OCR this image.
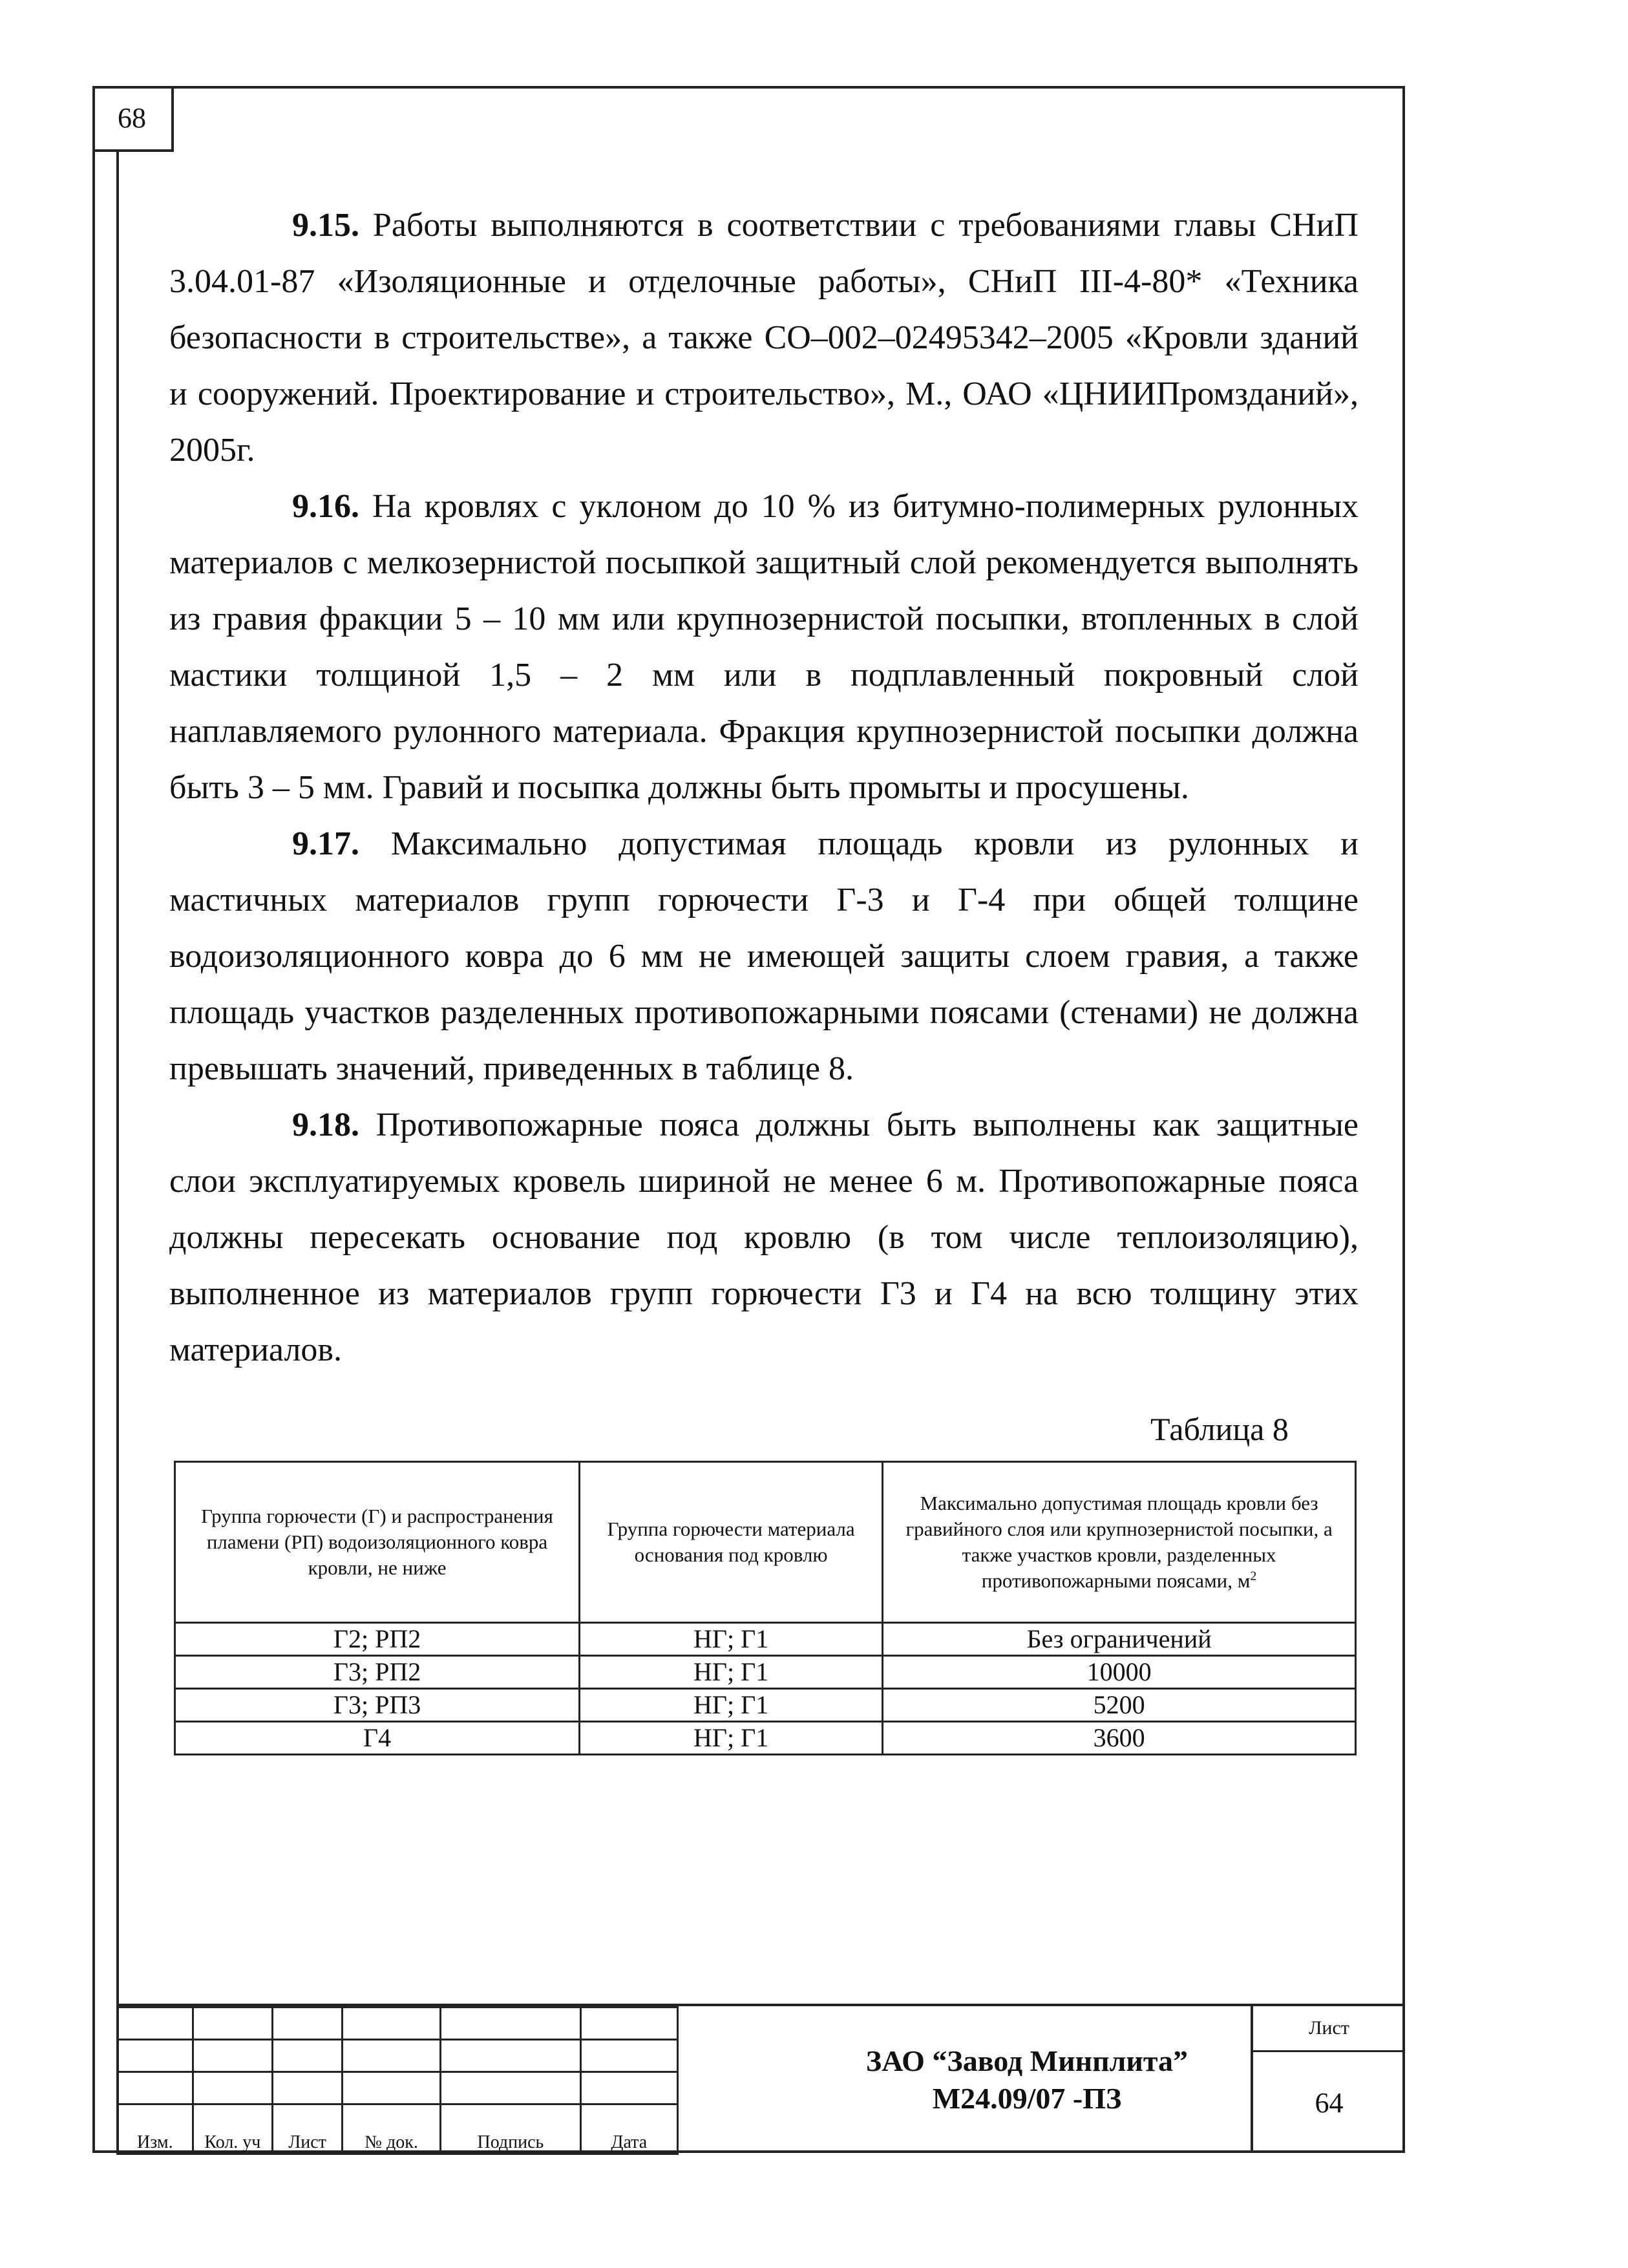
68

9.15. Работы выполняются в соответствии с требованиями главы СНиП 3.04.01-87 «Изоляционные и отделочные работы», СНиП III-4-80* «Техника безопасности в строительстве», а также СО–002–02495342–2005 «Кровли зданий и сооружений. Проектирование и строительство», М., ОАО «ЦНИИПромзданий», 2005г.

9.16. На кровлях с уклоном до 10 % из битумно-полимерных рулонных материалов с мелкозернистой посыпкой защитный слой рекомендуется выполнять из гравия фракции 5 – 10 мм или крупнозернистой посыпки, втопленных в слой мастики толщиной 1,5 – 2 мм или в подплавленный покровный слой наплавляемого рулонного материала. Фракция крупнозернистой посыпки должна быть 3 – 5 мм. Гравий и посыпка должны быть промыты и просушены.

9.17. Максимально допустимая площадь кровли из рулонных и мастичных материалов групп горючести Г-3 и Г-4 при общей толщине водоизоляционного ковра до 6 мм не имеющей защиты слоем гравия, а также площадь участков разделенных противопожарными поясами (стенами) не должна превышать значений, приведенных в таблице 8.

9.18. Противопожарные пояса должны быть выполнены как защитные слои эксплуатируемых кровель шириной не менее 6 м. Противопожарные пояса должны пересекать основание под кровлю (в том числе теплоизоляцию), выполненное из материалов групп горючести Г3 и Г4 на всю толщину этих материалов.

Таблица 8
Группа горючести (Г) и распространения пламени (РП) водоизоляционного ковра кровли, не ниже	Группа горючести материала основания под кровлю	Максимально допустимая площадь кровли без гравийного слоя или крупнозернистой посыпки, а также участков кровли, разделенных противопожарными поясами, $м^2$
Г2; РП2	НГ; Г1	Без ограничений
Г3; РП2	НГ; Г1	10000
Г3; РП3	НГ; Г1	5200
Г4	НГ; Г1	3600

Изм.	Кол. уч	Лист	№ док.	Подпись	Дата
ЗАО “Завод Минплита”
М24.09/07 -ПЗ
Лист
64
